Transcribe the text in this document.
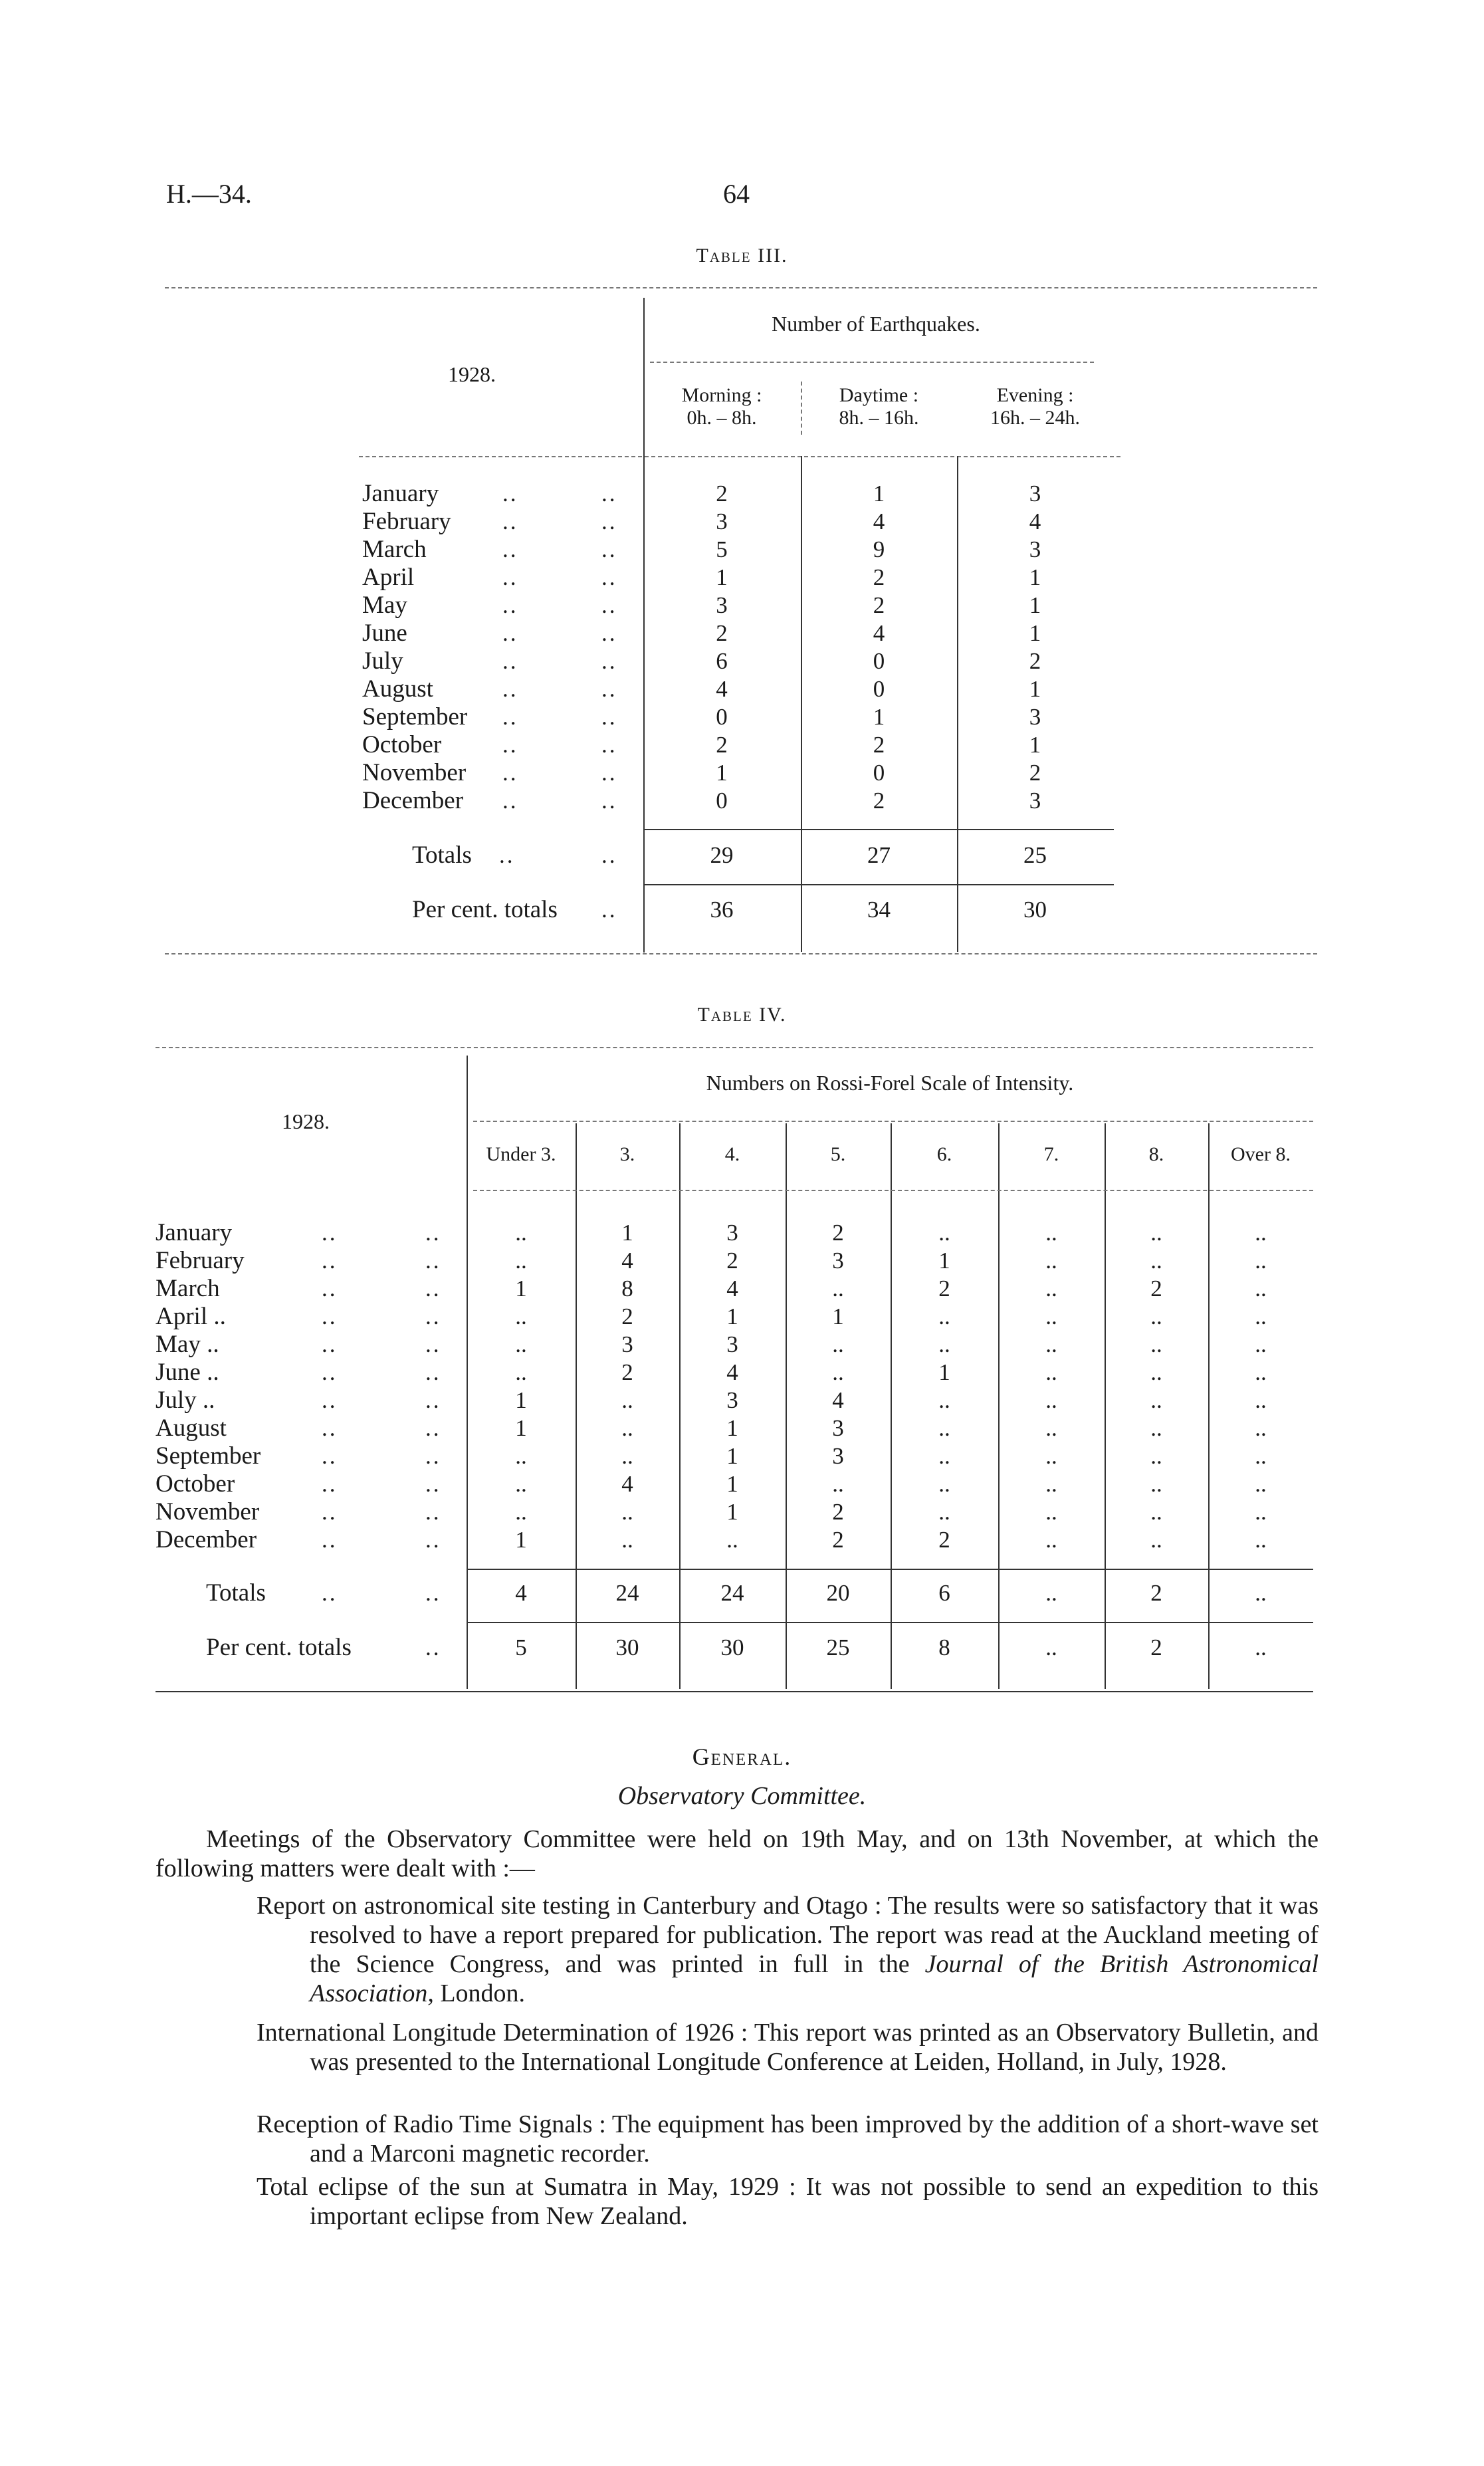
H.—34.	64
Table III.
Number of Earthquakes.
1928.
Morning :
0h. – 8h.
Daytime :
8h. – 16h.
Evening :
16h. – 24h.
January	..	..	2	1	3
February ..	..	3	4	4
March	..	..	5	9	3
April	..	..	1	2	1
May	..	..	3	2	1
June	..	..	2	4	1
July	..	..	6	0	2
August	..	..	4	0	1
September ..	..	0	1	3
October	..	..	2	2	1
November ..	..	1	0	2
December ..	..	0	2	3
Totals ..	..	29	27	25
Per cent. totals ..	36	34	30
Table IV.
Numbers on Rossi-Forel Scale of Intensity.
1928.
Under 3.	3.	4.	5.	6.	7.	8.	Over 8.
January	..	..	..	1	3	2	..	..	..	..
February	..	..	..	4	2	3	1	..	..	..
March	..	..	1	8	4	..	2	..	2	..
April ..	..	..	..	2	1	1	..	..	..	..
May ..	..	..	..	3	3	..	..	..	..	..
June ..	..	..	..	2	4	..	1	..	..	..
July ..	..	..	1	..	3	4	..	..	..	..
August	..	..	1	..	1	3	..	..	..	..
September	..	..	..	..	1	3	..	..	..	..
October	..	..	..	4	1	..	..	..	..	..
November	..	..	..	..	1	2	..	..	..	..
December	..	..	1	..	..	2	2	..	..	..
Totals ..	..	4	24	24	20	6	..	2	..
Per cent. totals	..	5	30	30	25	8	..	2	..
General.
Observatory Committee.
Meetings of the Observatory Committee were held on 19th May, and on 13th November, at which the following matters were dealt with :—
Report on astronomical site testing in Canterbury and Otago : The results were so satisfactory that it was resolved to have a report prepared for publication. The report was read at the Auckland meeting of the Science Congress, and was printed in full in the Journal of the British Astronomical Association, London.
International Longitude Determination of 1926 : This report was printed as an Observatory Bulletin, and was presented to the International Longitude Conference at Leiden, Holland, in July, 1928.
Reception of Radio Time Signals : The equipment has been improved by the addition of a short-wave set and a Marconi magnetic recorder.
Total eclipse of the sun at Sumatra in May, 1929 : It was not possible to send an expedition to this important eclipse from New Zealand.
